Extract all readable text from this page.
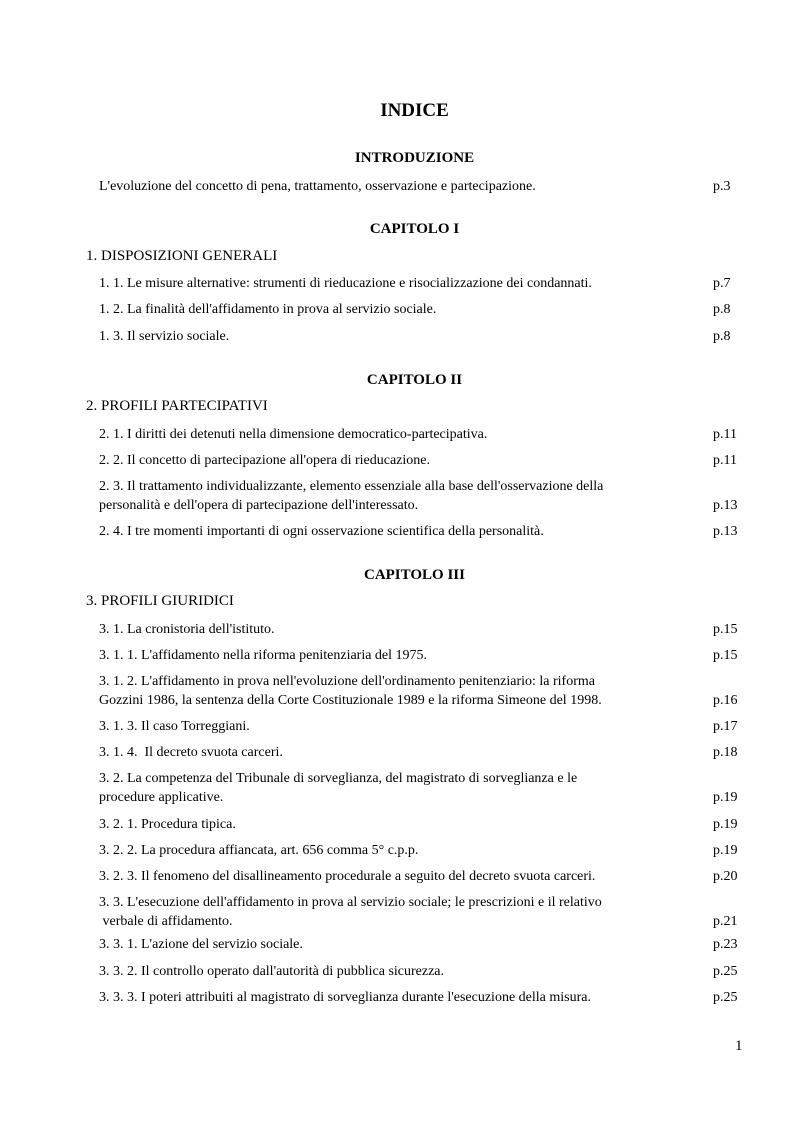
INDICE
INTRODUZIONE
L'evoluzione del concetto di pena, trattamento, osservazione e partecipazione.	p.3
CAPITOLO I
1. DISPOSIZIONI GENERALI
1. 1. Le misure alternative: strumenti di rieducazione e risocializzazione dei condannati.	p.7
1. 2. La finalità dell'affidamento in prova al servizio sociale.	p.8
1. 3. Il servizio sociale.	p.8
CAPITOLO II
2. PROFILI PARTECIPATIVI
2. 1. I diritti dei detenuti nella dimensione democratico-partecipativa.	p.11
2. 2. Il concetto di partecipazione all'opera di rieducazione.	p.11
2. 3. Il trattamento individualizzante, elemento essenziale alla base dell'osservazione della
personalità e dell'opera di partecipazione dell'interessato.	p.13
2. 4. I tre momenti importanti di ogni osservazione scientifica della personalità.	p.13
CAPITOLO III
3. PROFILI GIURIDICI
3. 1. La cronistoria dell'istituto.	p.15
3. 1. 1. L'affidamento nella riforma penitenziaria del 1975.	p.15
3. 1. 2. L'affidamento in prova nell'evoluzione dell'ordinamento penitenziario: la riforma
Gozzini 1986, la sentenza della Corte Costituzionale 1989 e la riforma Simeone del 1998.	p.16
3. 1. 3. Il caso Torreggiani.	p.17
3. 1. 4.  Il decreto svuota carceri.	p.18
3. 2. La competenza del Tribunale di sorveglianza, del magistrato di sorveglianza e le
procedure applicative.	p.19
3. 2. 1. Procedura tipica.	p.19
3. 2. 2. La procedura affiancata, art. 656 comma 5° c.p.p.	p.19
3. 2. 3. Il fenomeno del disallineamento procedurale a seguito del decreto svuota carceri.	p.20
3. 3. L'esecuzione dell'affidamento in prova al servizio sociale; le prescrizioni e il relativo
verbale di affidamento.	p.21
3. 3. 1. L'azione del servizio sociale.	p.23
3. 3. 2. Il controllo operato dall'autorità di pubblica sicurezza.	p.25
3. 3. 3. I poteri attribuiti al magistrato di sorveglianza durante l'esecuzione della misura.	p.25
1
